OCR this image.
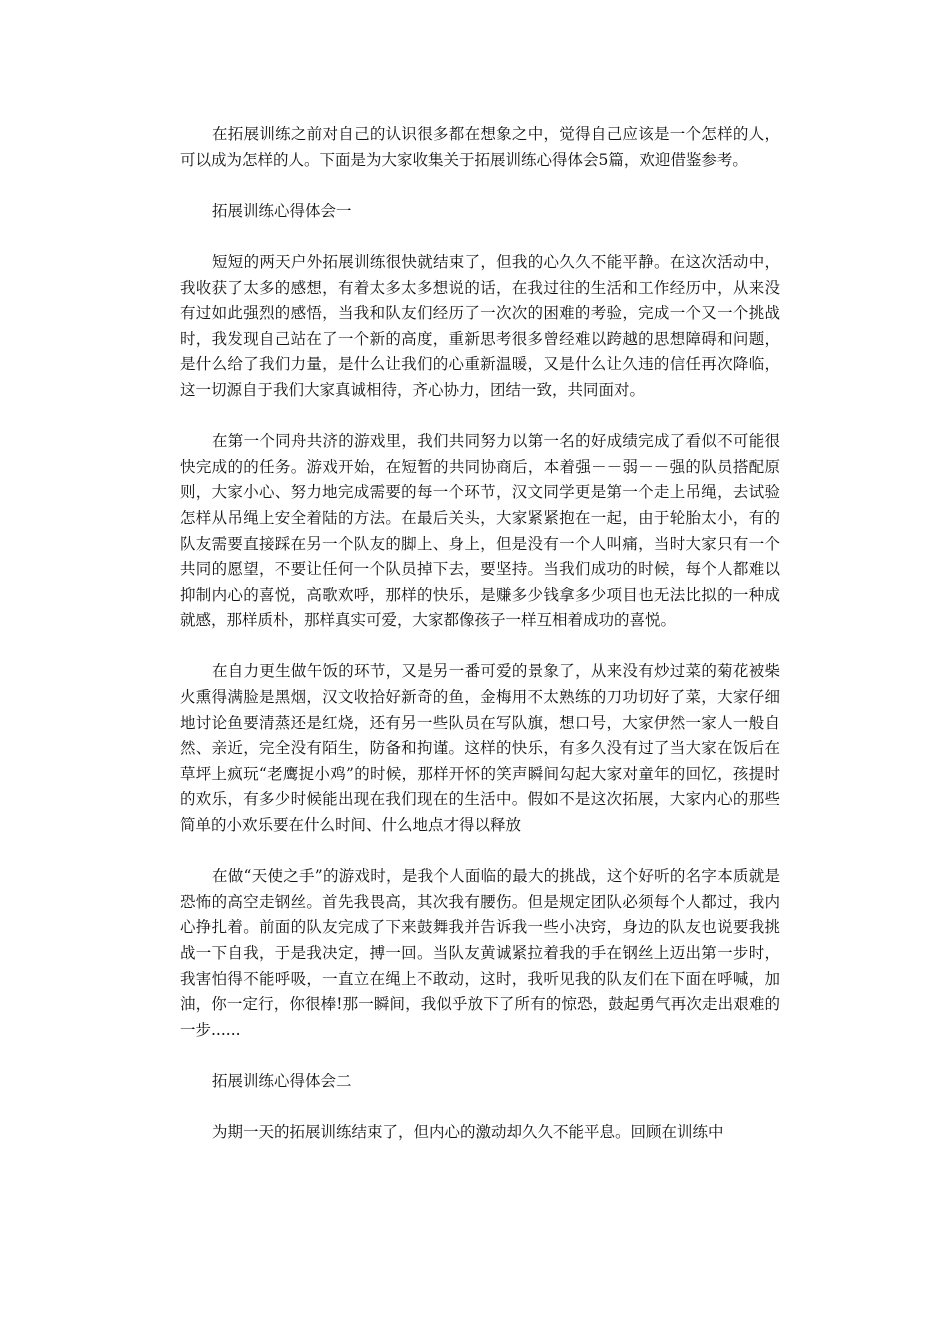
在拓展训练之前对自己的认识很多都在想象之中，觉得自己应该是一个怎样的人，可以成为怎样的人。下面是为大家收集关于拓展训练心得体会5篇，欢迎借鉴参考。

拓展训练心得体会一

短短的两天户外拓展训练很快就结束了，但我的心久久不能平静。在这次活动中，我收获了太多的感想，有着太多太多想说的话，在我过往的生活和工作经历中，从来没有过如此强烈的感悟，当我和队友们经历了一次次的困难的考验，完成一个又一个挑战时，我发现自己站在了一个新的高度，重新思考很多曾经难以跨越的思想障碍和问题，是什么给了我们力量，是什么让我们的心重新温暖，又是什么让久违的信任再次降临，这一切源自于我们大家真诚相待，齐心协力，团结一致，共同面对。

在第一个同舟共济的游戏里，我们共同努力以第一名的好成绩完成了看似不可能很快完成的的任务。游戏开始，在短暂的共同协商后，本着强－－弱－－强的队员搭配原则，大家小心、努力地完成需要的每一个环节，汉文同学更是第一个走上吊绳，去试验怎样从吊绳上安全着陆的方法。在最后关头，大家紧紧抱在一起，由于轮胎太小，有的队友需要直接踩在另一个队友的脚上、身上，但是没有一个人叫痛，当时大家只有一个共同的愿望，不要让任何一个队员掉下去，要坚持。当我们成功的时候，每个人都难以抑制内心的喜悦，高歌欢呼，那样的快乐，是赚多少钱拿多少项目也无法比拟的一种成就感，那样质朴，那样真实可爱，大家都像孩子一样互相着成功的喜悦。

在自力更生做午饭的环节，又是另一番可爱的景象了，从来没有炒过菜的菊花被柴火熏得满脸是黑烟，汉文收拾好新奇的鱼，金梅用不太熟练的刀功切好了菜，大家仔细地讨论鱼要清蒸还是红烧，还有另一些队员在写队旗，想口号，大家伊然一家人一般自然、亲近，完全没有陌生，防备和拘谨。这样的快乐，有多久没有过了当大家在饭后在草坪上疯玩“老鹰捉小鸡”的时候，那样开怀的笑声瞬间勾起大家对童年的回忆，孩提时的欢乐，有多少时候能出现在我们现在的生活中。假如不是这次拓展，大家内心的那些简单的小欢乐要在什么时间、什么地点才得以释放

在做“天使之手”的游戏时，是我个人面临的最大的挑战，这个好听的名字本质就是恐怖的高空走钢丝。首先我畏高，其次我有腰伤。但是规定团队必须每个人都过，我内心挣扎着。前面的队友完成了下来鼓舞我并告诉我一些小决窍，身边的队友也说要我挑战一下自我，于是我决定，搏一回。当队友黄诚紧拉着我的手在钢丝上迈出第一步时，我害怕得不能呼吸，一直立在绳上不敢动，这时，我听见我的队友们在下面在呼喊，加油，你一定行，你很棒!那一瞬间，我似乎放下了所有的惊恐，鼓起勇气再次走出艰难的一步......

拓展训练心得体会二

为期一天的拓展训练结束了，但内心的激动却久久不能平息。回顾在训练中
